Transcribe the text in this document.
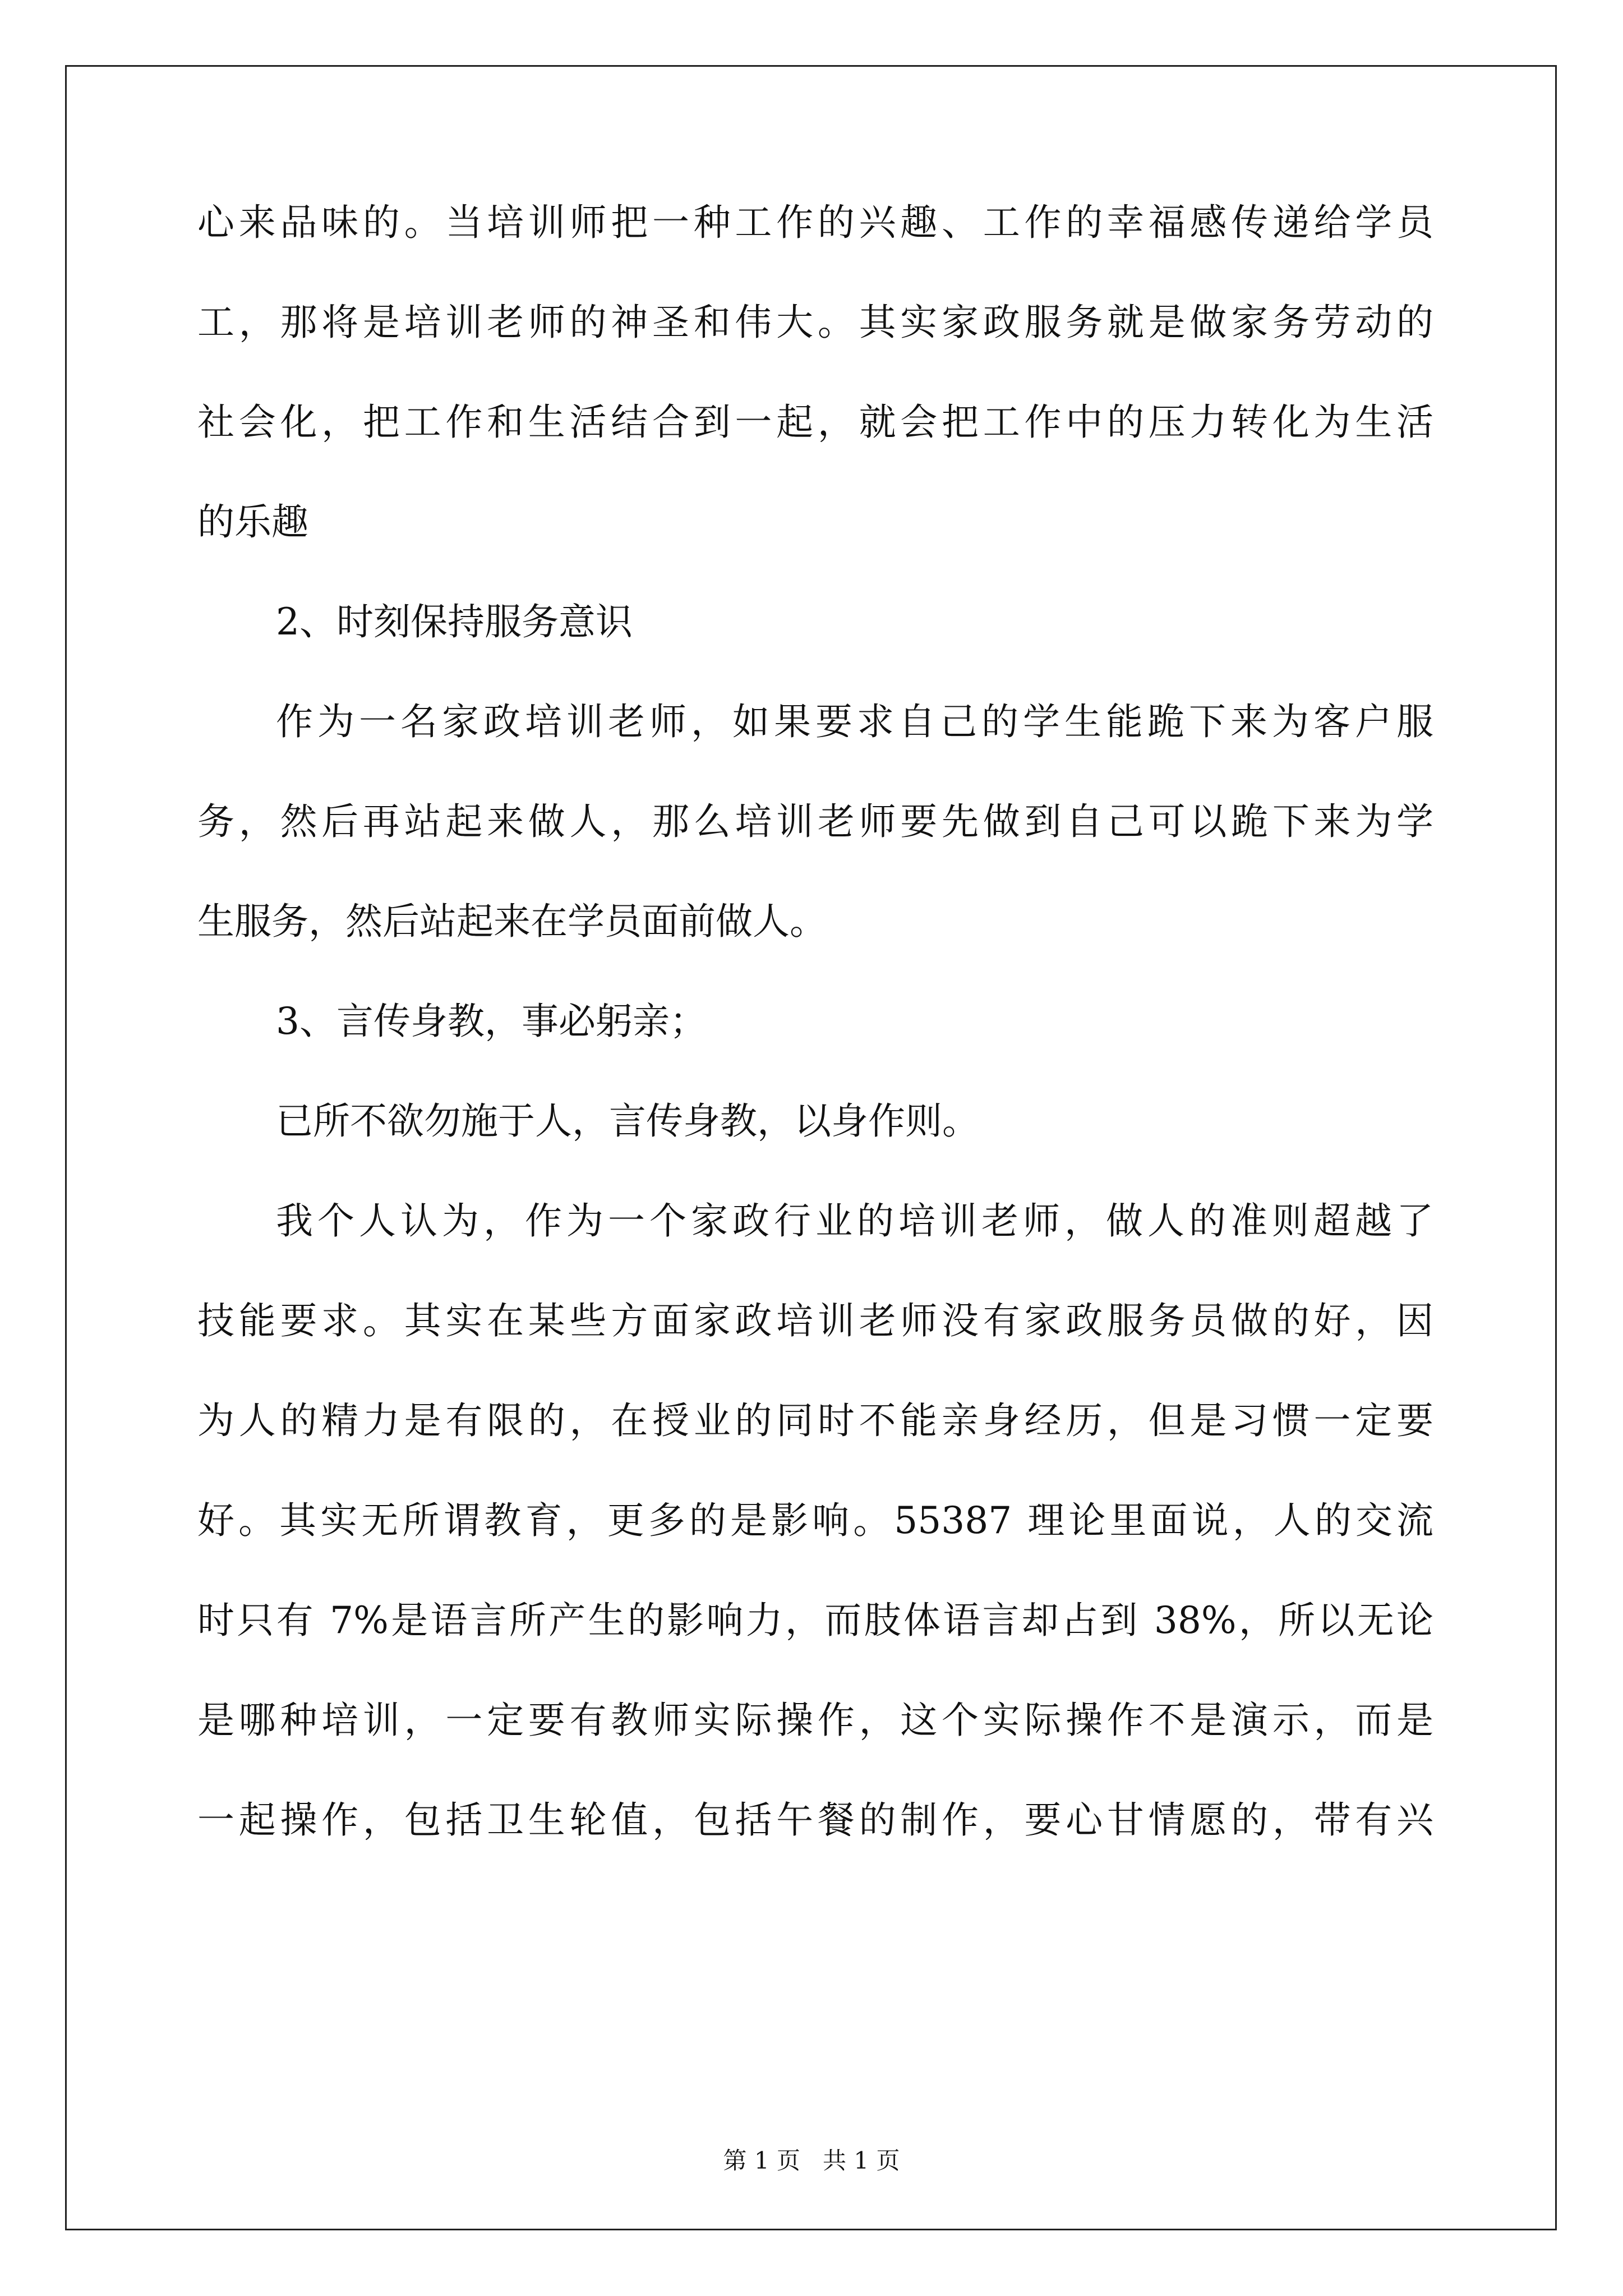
心来品味的。当培训师把一种工作的兴趣、工作的幸福感传递给学员
工，那将是培训老师的神圣和伟大。其实家政服务就是做家务劳动的
社会化，把工作和生活结合到一起，就会把工作中的压力转化为生活
的乐趣
2、时刻保持服务意识
作为一名家政培训老师，如果要求自己的学生能跪下来为客户服
务，然后再站起来做人，那么培训老师要先做到自己可以跪下来为学
生服务，然后站起来在学员面前做人。
3、言传身教，事必躬亲；
已所不欲勿施于人，言传身教，以身作则。
我个人认为，作为一个家政行业的培训老师，做人的准则超越了
技能要求。其实在某些方面家政培训老师没有家政服务员做的好，因
为人的精力是有限的，在授业的同时不能亲身经历，但是习惯一定要
好。其实无所谓教育，更多的是影响。55387 理论里面说，人的交流
时只有 7%是语言所产生的影响力，而肢体语言却占到 38%，所以无论
是哪种培训，一定要有教师实际操作，这个实际操作不是演示，而是
一起操作，包括卫生轮值，包括午餐的制作，要心甘情愿的，带有兴
第 1 页 共 1 页
